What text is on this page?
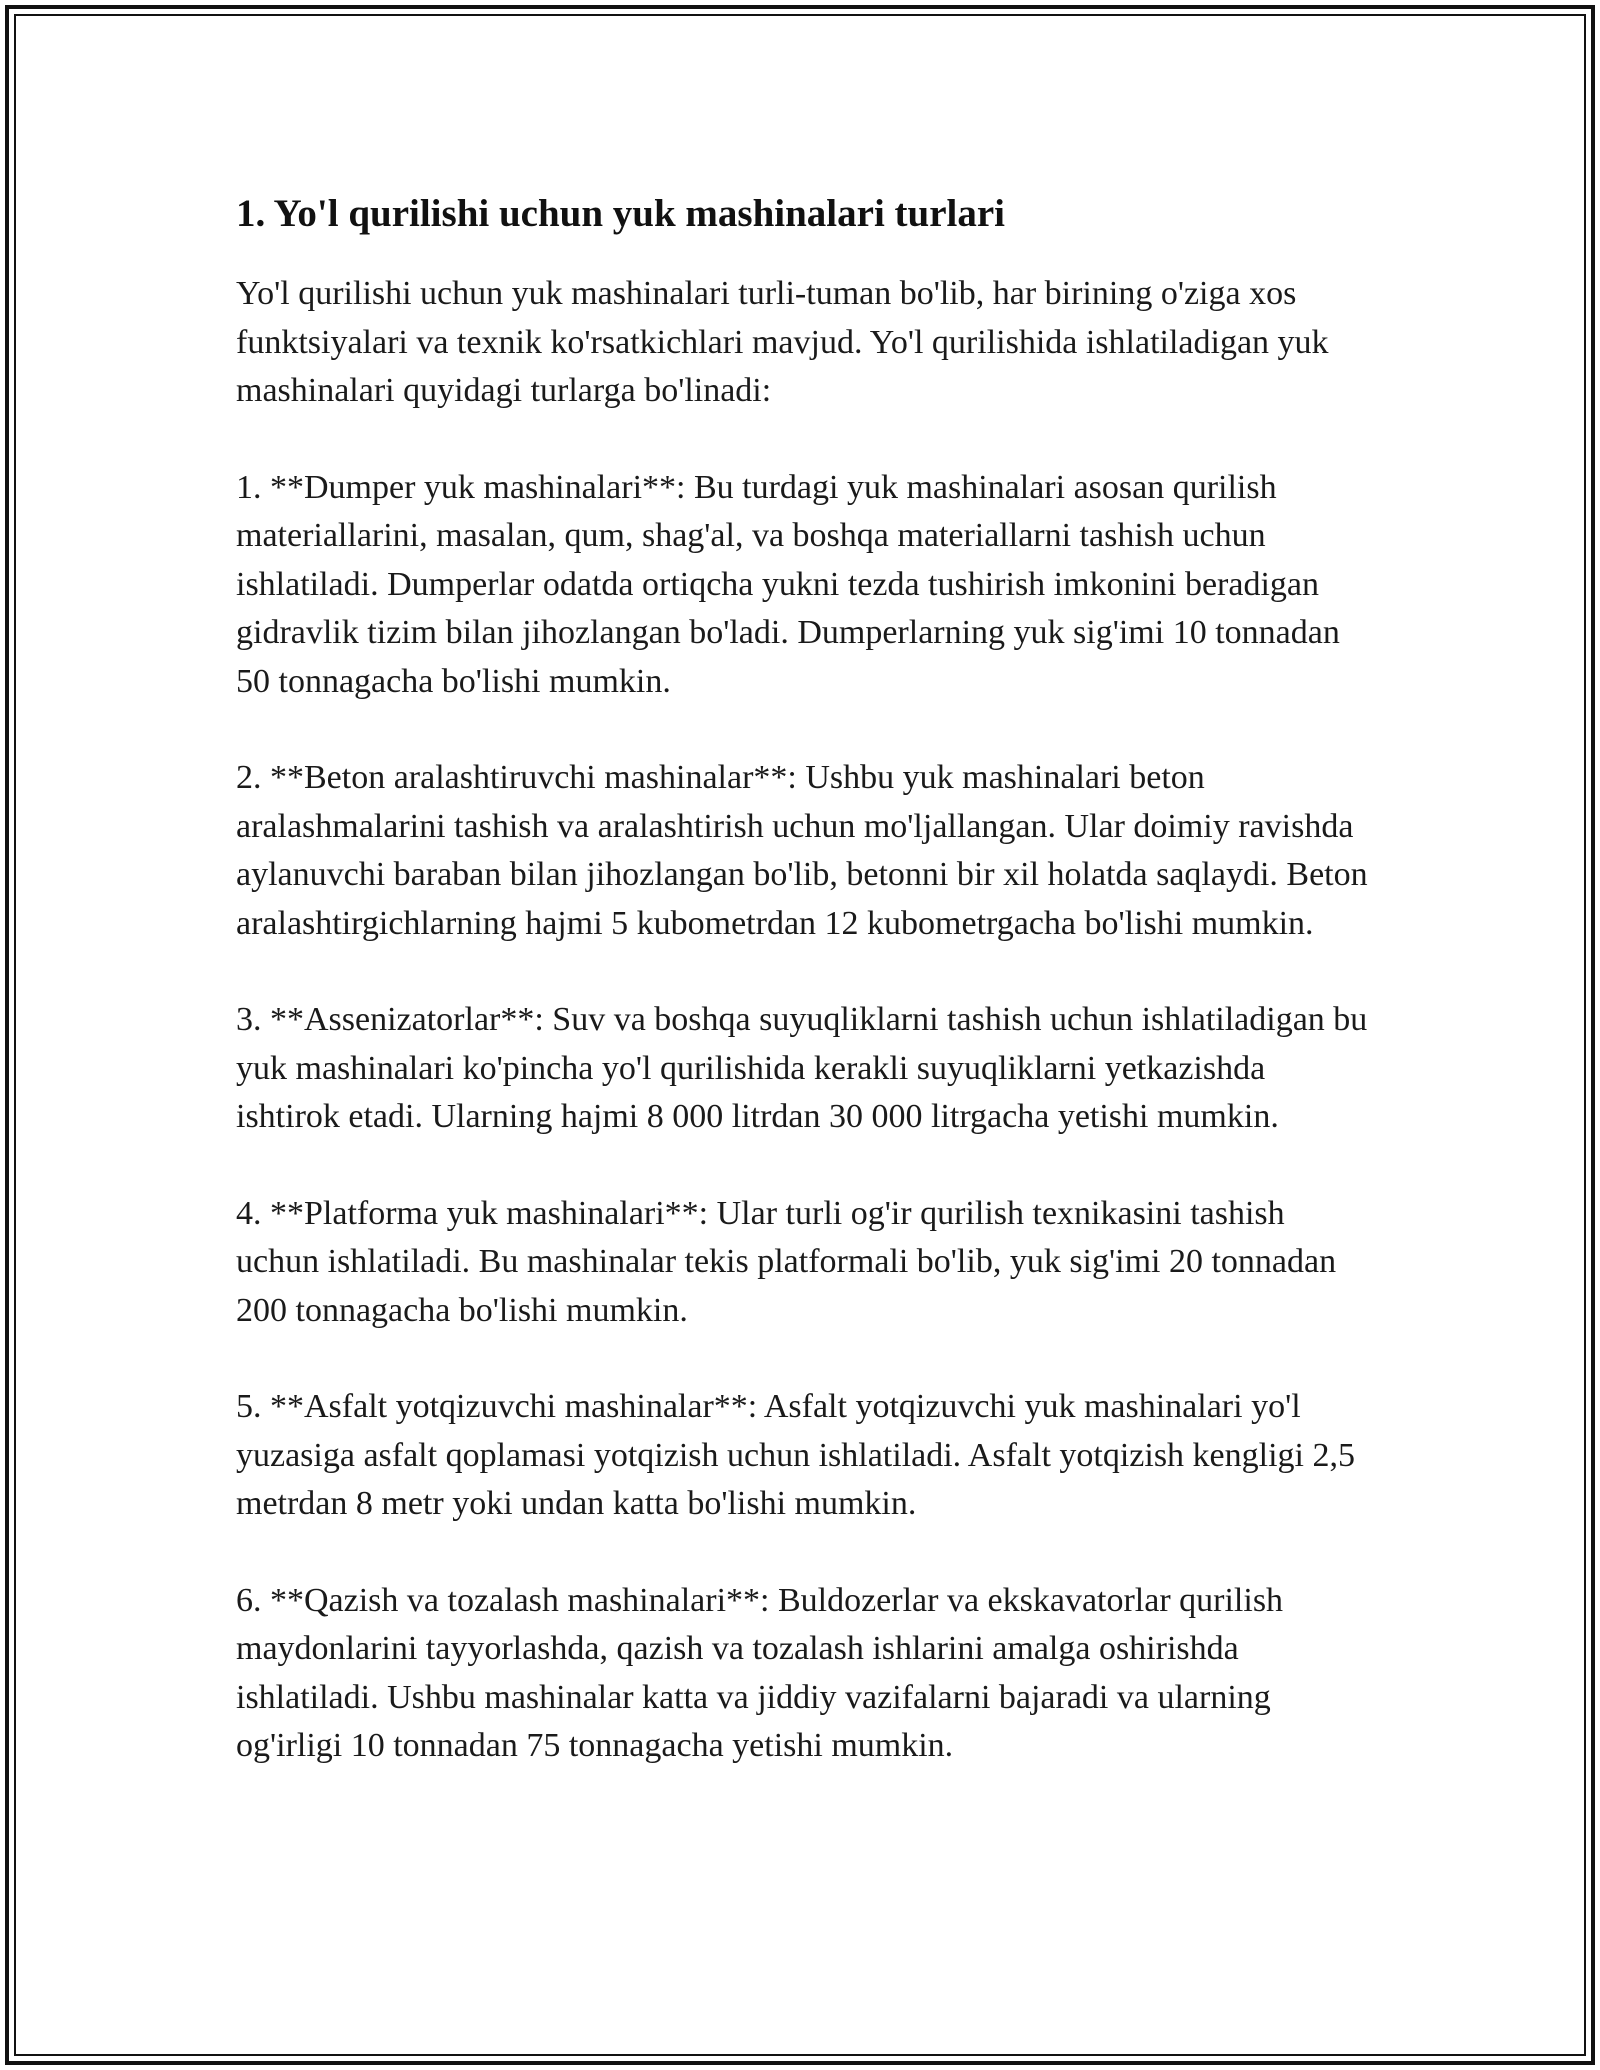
1. Yo'l qurilishi uchun yuk mashinalari turlari

Yo'l qurilishi uchun yuk mashinalari turli-tuman bo'lib, har birining o'ziga xos funktsiyalari va texnik ko'rsatkichlari mavjud. Yo'l qurilishida ishlatiladigan yuk mashinalari quyidagi turlarga bo'linadi:

1. **Dumper yuk mashinalari**: Bu turdagi yuk mashinalari asosan qurilish materiallarini, masalan, qum, shag'al, va boshqa materiallarni tashish uchun ishlatiladi. Dumperlar odatda ortiqcha yukni tezda tushirish imkonini beradigan gidravlik tizim bilan jihozlangan bo'ladi. Dumperlarning yuk sig'imi 10 tonnadan 50 tonnagacha bo'lishi mumkin.

2. **Beton aralashtiruvchi mashinalar**: Ushbu yuk mashinalari beton aralashmalarini tashish va aralashtirish uchun mo'ljallangan. Ular doimiy ravishda aylanuvchi baraban bilan jihozlangan bo'lib, betonni bir xil holatda saqlaydi. Beton aralashtirgichlarning hajmi 5 kubometrdan 12 kubometrgacha bo'lishi mumkin.

3. **Assenizatorlar**: Suv va boshqa suyuqliklarni tashish uchun ishlatiladigan bu yuk mashinalari ko'pincha yo'l qurilishida kerakli suyuqliklarni yetkazishda ishtirok etadi. Ularning hajmi 8 000 litrdan 30 000 litrgacha yetishi mumkin.

4. **Platforma yuk mashinalari**: Ular turli og'ir qurilish texnikasini tashish uchun ishlatiladi. Bu mashinalar tekis platformali bo'lib, yuk sig'imi 20 tonnadan 200 tonnagacha bo'lishi mumkin.

5. **Asfalt yotqizuvchi mashinalar**: Asfalt yotqizuvchi yuk mashinalari yo'l yuzasiga asfalt qoplamasi yotqizish uchun ishlatiladi. Asfalt yotqizish kengligi 2,5 metrdan 8 metr yoki undan katta bo'lishi mumkin.

6. **Qazish va tozalash mashinalari**: Buldozerlar va ekskavatorlar qurilish maydonlarini tayyorlashda, qazish va tozalash ishlarini amalga oshirishda ishlatiladi. Ushbu mashinalar katta va jiddiy vazifalarni bajaradi va ularning og'irligi 10 tonnadan 75 tonnagacha yetishi mumkin.
